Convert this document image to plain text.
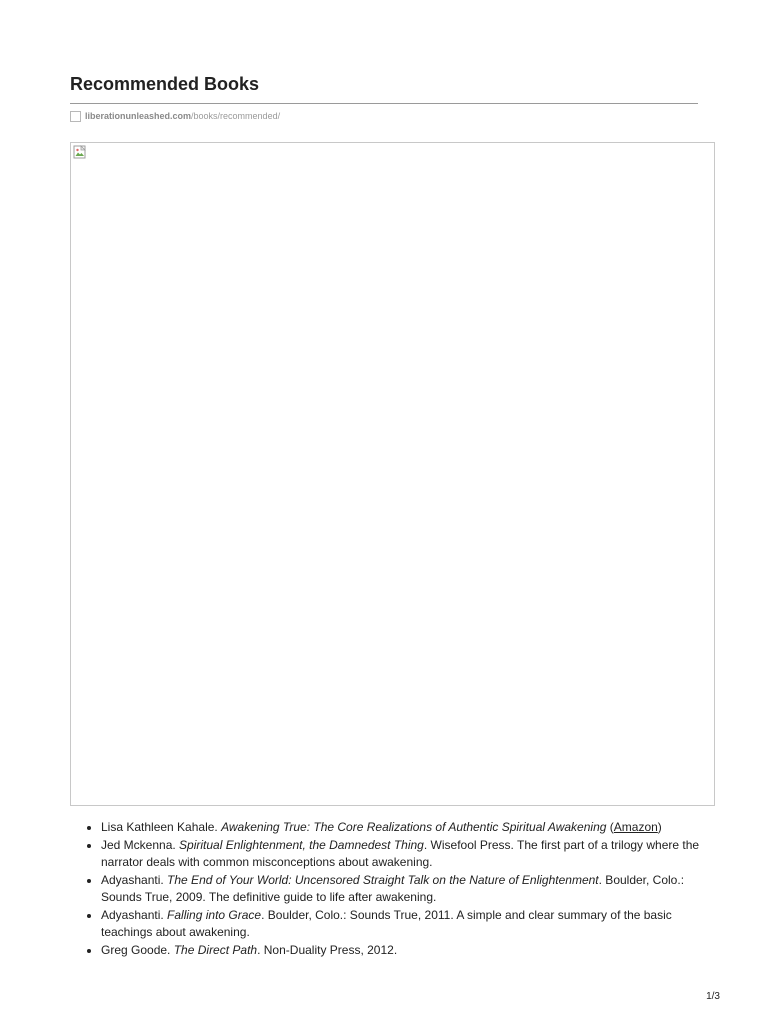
Recommended Books
liberationunleashed.com /books/recommended/
• Lisa Kathleen Kahale. Awakening True: The Core Realizations of Authentic Spiritual Awakening (Amazon)
• Jed Mckenna. Spiritual Enlightenment, the Damnedest Thing. Wisefool Press. The first part of a trilogy where the narrator deals with common misconceptions about awakening.
• Adyashanti. The End of Your World: Uncensored Straight Talk on the Nature of Enlightenment. Boulder, Colo.: Sounds True, 2009. The definitive guide to life after awakening.
• Adyashanti. Falling into Grace. Boulder, Colo.: Sounds True, 2011. A simple and clear summary of the basic teachings about awakening.
• Greg Goode. The Direct Path. Non-Duality Press, 2012.
1/3
